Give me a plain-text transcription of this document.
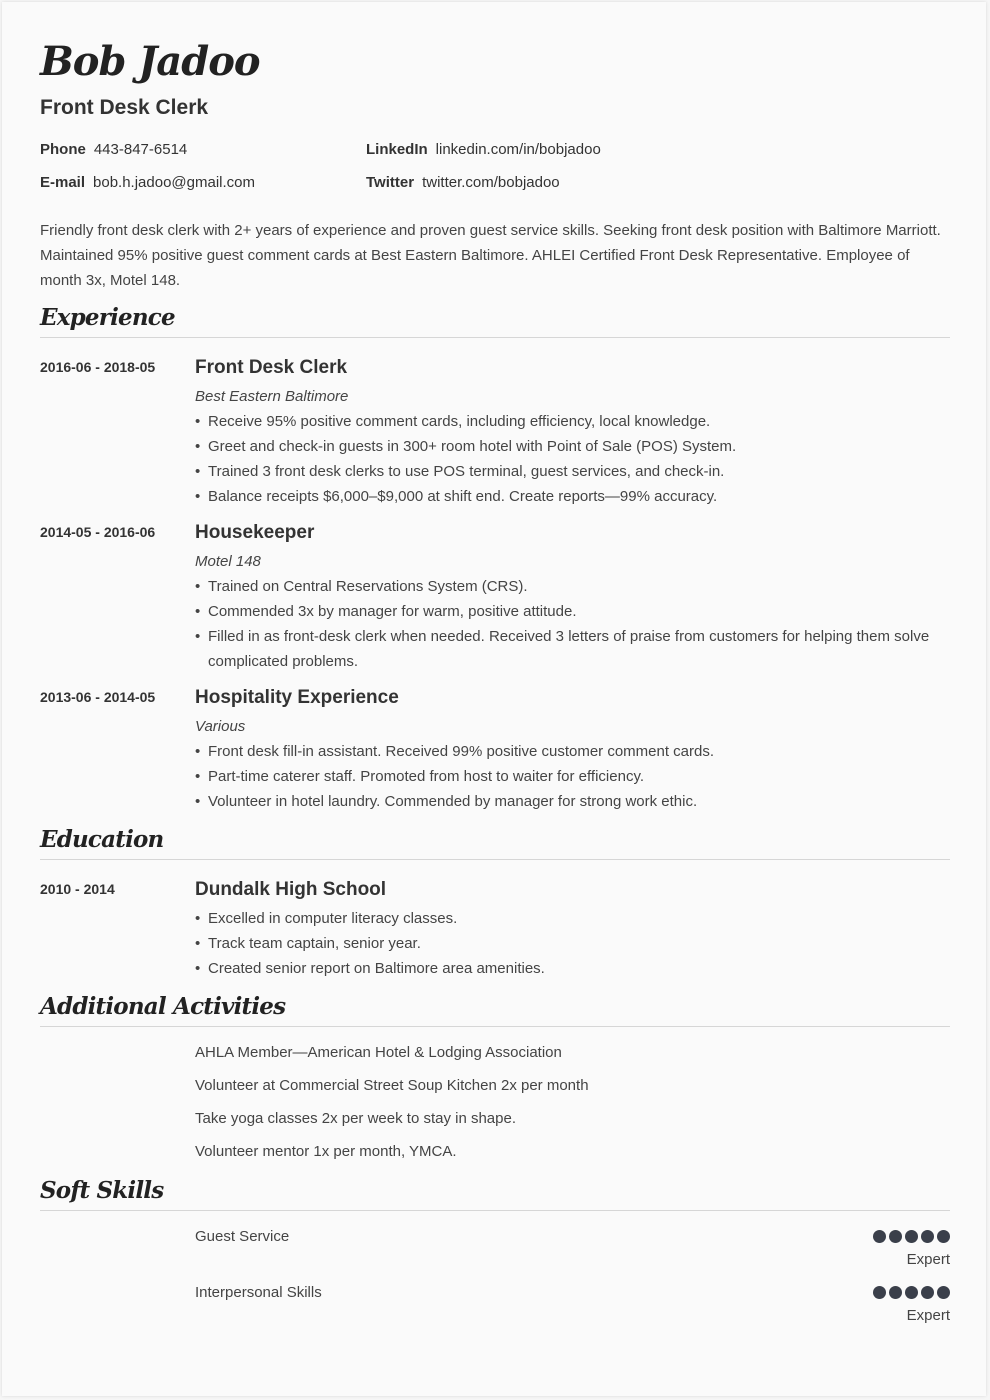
Bob Jadoo
Front Desk Clerk
Phone 443-847-6514	LinkedIn linkedin.com/in/bobjadoo
E-mail bob.h.jadoo@gmail.com	Twitter twitter.com/bobjadoo
Friendly front desk clerk with 2+ years of experience and proven guest service skills. Seeking front desk position with Baltimore Marriott. Maintained 95% positive guest comment cards at Best Eastern Baltimore. AHLEI Certified Front Desk Representative. Employee of month 3x, Motel 148.
Experience
2016-06 - 2018-05 Front Desk Clerk
Best Eastern Baltimore
• Receive 95% positive comment cards, including efficiency, local knowledge.
• Greet and check-in guests in 300+ room hotel with Point of Sale (POS) System.
• Trained 3 front desk clerks to use POS terminal, guest services, and check-in.
• Balance receipts $6,000–$9,000 at shift end. Create reports—99% accuracy.
2014-05 - 2016-06 Housekeeper
Motel 148
• Trained on Central Reservations System (CRS).
• Commended 3x by manager for warm, positive attitude.
• Filled in as front-desk clerk when needed. Received 3 letters of praise from customers for helping them solve complicated problems.
2013-06 - 2014-05 Hospitality Experience
Various
• Front desk fill-in assistant. Received 99% positive customer comment cards.
• Part-time caterer staff. Promoted from host to waiter for efficiency.
• Volunteer in hotel laundry. Commended by manager for strong work ethic.
Education
2010 - 2014	Dundalk High School
• Excelled in computer literacy classes.
• Track team captain, senior year.
• Created senior report on Baltimore area amenities.
Additional Activities
AHLA Member—American Hotel & Lodging Association
Volunteer at Commercial Street Soup Kitchen 2x per month
Take yoga classes 2x per week to stay in shape.
Volunteer mentor 1x per month, YMCA.
Soft Skills
Guest Service
Expert
Interpersonal Skills
Expert
